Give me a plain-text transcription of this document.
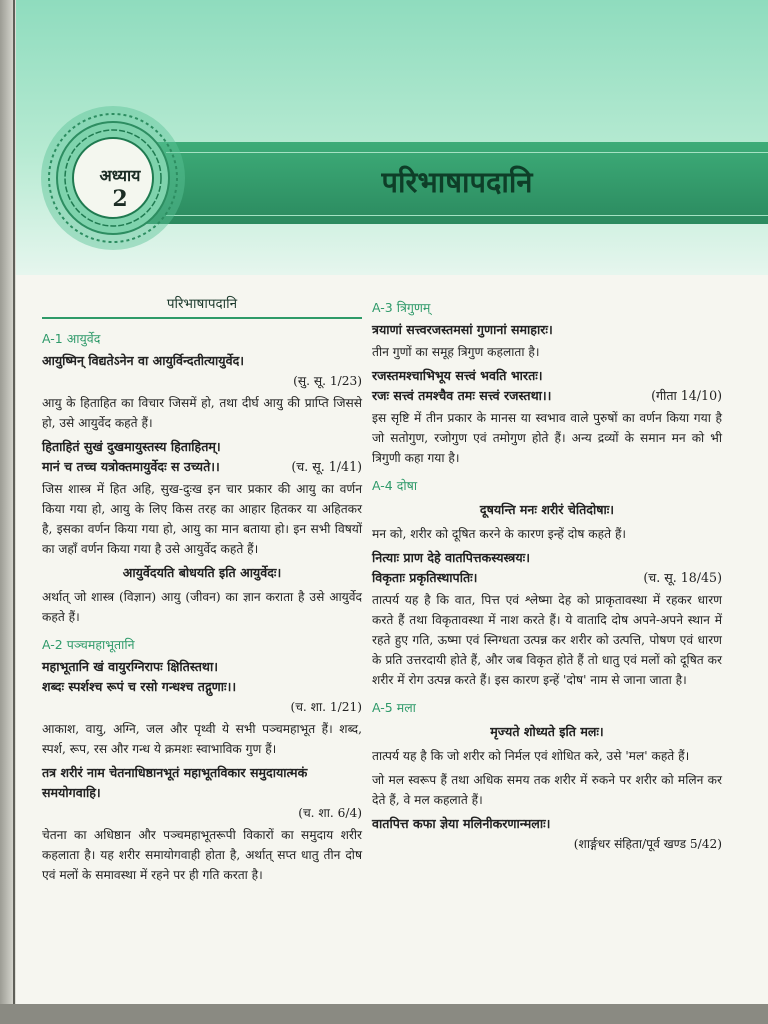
परिभाषापदानि
अध्याय
2
परिभाषापदानि
A-1 आयुर्वेद

आयुष्मिन् विद्यतेऽनेन वा आयुर्विन्दतीत्यायुर्वेद।

(सु. सू. 1/23)

आयु के हिताहित का विचार जिसमें हो, तथा दीर्घ आयु की प्राप्ति जिससे हो, उसे आयुर्वेद कहते हैं।

हिताहितं सुखं दुखमायुस्तस्य हिताहितम्।

मानं च तच्च यत्रोक्तमायुर्वेदः स उच्यते।।	(च. सू. 1/41)

जिस शास्त्र में हित अहि, सुख-दुःख इन चार प्रकार की आयु का वर्णन किया गया हो, आयु के लिए किस तरह का आहार हितकर या अहितकर है, इसका वर्णन किया गया हो, आयु का मान बताया हो। इन सभी विषयों का जहाँ वर्णन किया गया है उसे आयुर्वेद कहते हैं।

आयुर्वेदयति बोधयति इति आयुर्वेदः।

अर्थात् जो शास्त्र (विज्ञान) आयु (जीवन) का ज्ञान कराता है उसे आयुर्वेद कहते हैं।

A-2 पञ्चमहाभूतानि

महाभूतानि खं वायुरग्निरापः क्षितिस्तथा।

शब्दः स्पर्शश्च रूपं च रसो गन्धश्च तद्गुणाः।।

(च. शा. 1/21)

आकाश, वायु, अग्नि, जल और पृथ्वी ये सभी पञ्चमहाभूत हैं। शब्द, स्पर्श, रूप, रस और गन्ध ये क्रमशः स्वाभाविक गुण हैं।

तत्र शरीरं नाम चेतनाधिष्ठानभूतं महाभूतविकार समुदायात्मकं समयोगवाहि।

(च. शा. 6/4)

चेतना का अधिष्ठान और पञ्चमहाभूतरूपी विकारों का समुदाय शरीर कहलाता है। यह शरीर समायोगवाही होता है, अर्थात् सप्त धातु तीन दोष एवं मलों के समावस्था में रहने पर ही गति करता है।

A-3 त्रिगुणम्

त्रयाणां सत्त्वरजस्तमसां गुणानां समाहारः।

तीन गुणों का समूह त्रिगुण कहलाता है।

रजस्तमश्चाभिभूय सत्त्वं भवति भारतः।

रजः सत्त्वं तमश्चैव तमः सत्त्वं रजस्तथा।।	(गीता 14/10)

इस सृष्टि में तीन प्रकार के मानस या स्वभाव वाले पुरुषों का वर्णन किया गया है जो सतोगुण, रजोगुण एवं तमोगुण होते हैं। अन्य द्रव्यों के समान मन को भी त्रिगुणी कहा गया है।

A-4 दोषा

दूषयन्ति मनः शरीरं चेतिदोषाः।

मन को, शरीर को दूषित करने के कारण इन्हें दोष कहते हैं।

नित्याः प्राण देहे वातपित्तकस्यस्त्रयः।

विकृताः प्रकृतिस्थापतिः।	(च. सू. 18/45)

तात्पर्य यह है कि वात, पित्त एवं श्लेष्मा देह को प्राकृतावस्था में रहकर धारण करते हैं तथा विकृतावस्था में नाश करते हैं। ये वातादि दोष अपने-अपने स्थान में रहते हुए गति, ऊष्मा एवं स्निग्धता उत्पन्न कर शरीर को उत्पत्ति, पोषण एवं धारण के प्रति उत्तरदायी होते हैं, और जब विकृत होते हैं तो धातु एवं मलों को दूषित कर शरीर में रोग उत्पन्न करते हैं। इस कारण इन्हें 'दोष' नाम से जाना जाता है।

A-5 मला

मृज्यते शोध्यते इति मलः।

तात्पर्य यह है कि जो शरीर को निर्मल एवं शोधित करे, उसे 'मल' कहते हैं।

जो मल स्वरूप हैं तथा अधिक समय तक शरीर में रुकने पर शरीर को मलिन कर देते हैं, वे मल कहलाते हैं।

वातपित्त कफा ज्ञेया मलिनीकरणान्मलाः।

(शार्ङ्गधर संहिता/पूर्व खण्ड 5/42)
